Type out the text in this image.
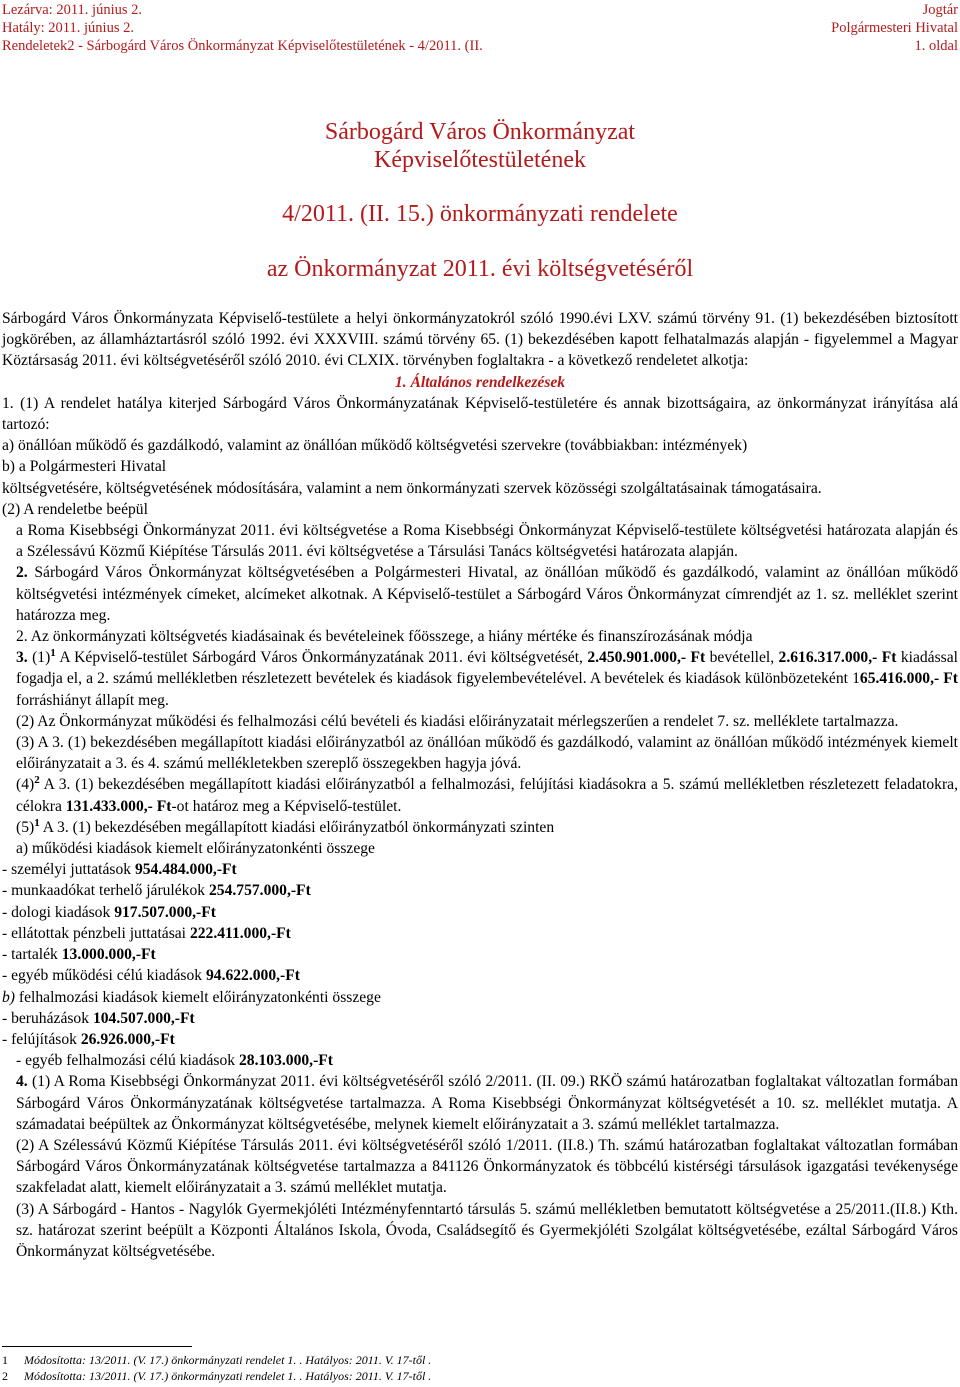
Lezárva: 2011. június 2.
Hatály: 2011. június 2.
Rendeletek2 - Sárbogárd Város Önkormányzat Képviselőtestületének - 4/2011. (II.
Jogtár
Polgármesteri Hivatal
1. oldal
Sárbogárd Város Önkormányzat
Képviselőtestületének
4/2011. (II. 15.) önkormányzati rendelete
az Önkormányzat 2011. évi költségvetéséről

Sárbogárd Város Önkormányzata Képviselő-testülete a helyi önkormányzatokról szóló 1990.évi LXV. számú törvény 91. (1) bekezdésében biztosított jogkörében, az államháztartásról szóló 1992. évi XXXVIII. számú törvény 65. (1) bekezdésében kapott felhatalmazás alapján - figyelemmel a Magyar Köztársaság 2011. évi költségvetéséről szóló 2010. évi CLXIX. törvényben foglaltakra - a következő rendeletet alkotja:

1. Általános rendelkezések

1. (1) A rendelet hatálya kiterjed Sárbogárd Város Önkormányzatának Képviselő-testületére és annak bizottságaira, az önkormányzat irányítása alá tartozó:

a) önállóan működő és gazdálkodó, valamint az önállóan működő költségvetési szervekre (továbbiakban: intézmények)

b) a Polgármesteri Hivatal

költségvetésére, költségvetésének módosítására, valamint a nem önkormányzati szervek közösségi szolgáltatásainak támogatásaira.

(2) A rendeletbe beépül

a Roma Kisebbségi Önkormányzat 2011. évi költségvetése a Roma Kisebbségi Önkormányzat Képviselő-testülete költségvetési határozata alapján és a Szélessávú Közmű Kiépítése Társulás 2011. évi költségvetése a Társulási Tanács költségvetési határozata alapján.

2. Sárbogárd Város Önkormányzat költségvetésében a Polgármesteri Hivatal, az önállóan működő és gazdálkodó, valamint az önállóan működő költségvetési intézmények címeket, alcímeket alkotnak. A Képviselő-testület a Sárbogárd Város Önkormányzat címrendjét az 1. sz. melléklet szerint határozza meg.

2. Az önkormányzati költségvetés kiadásainak és bevételeinek főösszege, a hiány mértéke és finanszírozásának módja

3. $(1)^1$ A Képviselő-testület Sárbogárd Város Önkormányzatának 2011. évi költségvetését, 2.450.901.000,- Ft bevétellel, 2.616.317.000,- Ft kiadással fogadja el, a 2. számú mellékletben részletezett bevételek és kiadások figyelembevételével. A bevételek és kiadások különbözeteként 165.416.000,- Ft forráshiányt állapít meg.

(2) Az Önkormányzat működési és felhalmozási célú bevételi és kiadási előirányzatait mérlegszerűen a rendelet 7. sz. melléklete tartalmazza.

(3) A 3. (1) bekezdésében megállapított kiadási előirányzatból az önállóan működő és gazdálkodó, valamint az önállóan működő intézmények kiemelt előirányzatait a 3. és 4. számú mellékletekben szereplő összegekben hagyja jóvá.

$(4)^2$ A 3. (1) bekezdésében megállapított kiadási előirányzatból a felhalmozási, felújítási kiadásokra a 5. számú mellékletben részletezett feladatokra, célokra 131.433.000,- Ft-ot határoz meg a Képviselő-testület.

$(5)^1$ A 3. (1) bekezdésében megállapított kiadási előirányzatból önkormányzati szinten

a) működési kiadások kiemelt előirányzatonkénti összege

- személyi juttatások 954.484.000,-Ft

- munkaadókat terhelő járulékok 254.757.000,-Ft

- dologi kiadások 917.507.000,-Ft

- ellátottak pénzbeli juttatásai 222.411.000,-Ft

- tartalék 13.000.000,-Ft

- egyéb működési célú kiadások 94.622.000,-Ft

b) felhalmozási kiadások kiemelt előirányzatonkénti összege

- beruházások 104.507.000,-Ft

- felújítások 26.926.000,-Ft

- egyéb felhalmozási célú kiadások 28.103.000,-Ft

4. (1) A Roma Kisebbségi Önkormányzat 2011. évi költségvetéséről szóló 2/2011. (II. 09.) RKÖ számú határozatban foglaltakat változatlan formában Sárbogárd Város Önkormányzatának költségvetése tartalmazza. A Roma Kisebbségi Önkormányzat költségvetését a 10. sz. melléklet mutatja. A számadatai beépültek az Önkormányzat költségvetésébe, melynek kiemelt előirányzatait a 3. számú melléklet tartalmazza.

(2) A Szélessávú Közmű Kiépítése Társulás 2011. évi költségvetéséről szóló 1/2011. (II.8.) Th. számú határozatban foglaltakat változatlan formában Sárbogárd Város Önkormányzatának költségvetése tartalmazza a 841126 Önkormányzatok és többcélú kistérségi társulások igazgatási tevékenysége szakfeladat alatt, kiemelt előirányzatait a 3. számú melléklet mutatja.

(3) A Sárbogárd - Hantos - Nagylók Gyermekjóléti Intézményfenntartó társulás 5. számú mellékletben bemutatott költségvetése a 25/2011.(II.8.) Kth. sz. határozat szerint beépült a Központi Általános Iskola, Óvoda, Családsegítő és Gyermekjóléti Szolgálat költségvetésébe, ezáltal Sárbogárd Város Önkormányzat költségvetésébe.

1 Módosította: 13/2011. (V. 17.) önkormányzati rendelet 1. . Hatályos: 2011. V. 17-től .
2 Módosította: 13/2011. (V. 17.) önkormányzati rendelet 1. . Hatályos: 2011. V. 17-től .
